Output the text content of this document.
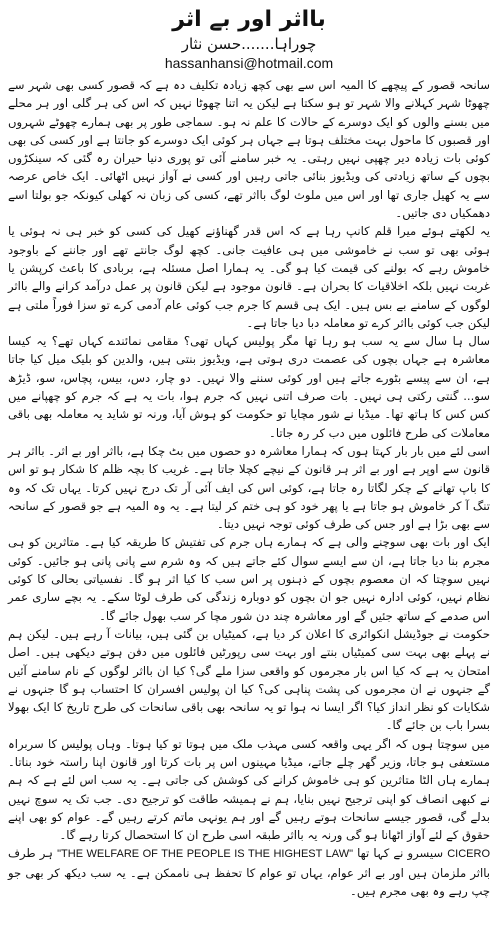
بااثر اور بے اثر

چوراہا.......حسن نثار

hassanhansi@hotmail.com

سانحہ قصور کے پیچھے کا المیہ اس سے بھی کچھ زیادہ تکلیف دہ ہے کہ قصور کسی بھی شہر سے چھوٹا شہر کہلانے والا شہر تو ہو سکتا ہے لیکن یہ اتنا چھوٹا نہیں کہ اس کی ہر گلی اور ہر محلے میں بسنے والوں کو ایک دوسرے کے حالات کا علم نہ ہو۔ سماجی طور پر بھی ہمارے چھوٹے شہروں اور قصبوں کا ماحول بہت مختلف ہوتا ہے جہاں ہر کوئی ایک دوسرے کو جانتا ہے اور کسی کی بھی کوئی بات زیادہ دیر چھپی نہیں رہتی۔ یہ خبر سامنے آئی تو پوری دنیا حیران رہ گئی کہ سینکڑوں بچوں کے ساتھ زیادتی کی ویڈیوز بنائی جاتی رہیں اور کسی نے آواز نہیں اٹھائی۔ ایک خاص عرصہ سے یہ کھیل جاری تھا اور اس میں ملوث لوگ بااثر تھے، کسی کی زبان نہ کھلی کیونکہ جو بولتا اسے دھمکیاں دی جاتیں۔

یہ لکھتے ہوئے میرا قلم کانپ رہا ہے کہ اس قدر گھناؤنے کھیل کی کسی کو خبر ہی نہ ہوئی یا ہوئی بھی تو سب نے خاموشی میں ہی عافیت جانی۔ کچھ لوگ جانتے تھے اور جاننے کے باوجود خاموش رہے کہ بولنے کی قیمت کیا ہو گی۔ یہ ہمارا اصل مسئلہ ہے، بربادی کا باعث کرپشن یا غربت نہیں بلکہ اخلاقیات کا بحران ہے۔ قانون موجود ہے لیکن قانون پر عمل درآمد کرانے والے بااثر لوگوں کے سامنے بے بس ہیں۔ ایک ہی قسم کا جرم جب کوئی عام آدمی کرے تو سزا فوراً ملتی ہے لیکن جب کوئی بااثر کرے تو معاملہ دبا دیا جاتا ہے۔

سال ہا سال سے یہ سب ہو رہا تھا مگر پولیس کہاں تھی؟ مقامی نمائندے کہاں تھے؟ یہ کیسا معاشرہ ہے جہاں بچوں کی عصمت دری ہوتی ہے، ویڈیوز بنتی ہیں، والدین کو بلیک میل کیا جاتا ہے، ان سے پیسے بٹورے جاتے ہیں اور کوئی سننے والا نہیں۔ دو چار، دس، بیس، پچاس، سو، ڈیڑھ سو... گنتی رکتی ہی نہیں۔ بات صرف اتنی نہیں کہ جرم ہوا، بات یہ ہے کہ جرم کو چھپانے میں کس کس کا ہاتھ تھا۔ میڈیا نے شور مچایا تو حکومت کو ہوش آیا، ورنہ تو شاید یہ معاملہ بھی باقی معاملات کی طرح فائلوں میں دب کر رہ جاتا۔

اسی لئے میں بار بار کہتا ہوں کہ ہمارا معاشرہ دو حصوں میں بٹ چکا ہے، بااثر اور بے اثر۔ بااثر ہر قانون سے اوپر ہے اور بے اثر ہر قانون کے نیچے کچلا جاتا ہے۔ غریب کا بچہ ظلم کا شکار ہو تو اس کا باپ تھانے کے چکر لگاتا رہ جاتا ہے، کوئی اس کی ایف آئی آر تک درج نہیں کرتا۔ یہاں تک کہ وہ تنگ آ کر خاموش ہو جاتا ہے یا پھر خود کو ہی ختم کر لیتا ہے۔ یہ وہ المیہ ہے جو قصور کے سانحہ سے بھی بڑا ہے اور جس کی طرف کوئی توجہ نہیں دیتا۔

ایک اور بات بھی سوچنے والی ہے کہ ہمارے ہاں جرم کی تفتیش کا طریقہ کیا ہے۔ متاثرین کو ہی مجرم بنا دیا جاتا ہے، ان سے ایسے سوال کئے جاتے ہیں کہ وہ شرم سے پانی پانی ہو جائیں۔ کوئی نہیں سوچتا کہ ان معصوم بچوں کے ذہنوں پر اس سب کا کیا اثر ہو گا۔ نفسیاتی بحالی کا کوئی نظام نہیں، کوئی ادارہ نہیں جو ان بچوں کو دوبارہ زندگی کی طرف لوٹا سکے۔ یہ بچے ساری عمر اس صدمے کے ساتھ جئیں گے اور معاشرہ چند دن شور مچا کر سب بھول جائے گا۔

حکومت نے جوڈیشل انکوائری کا اعلان کر دیا ہے، کمیٹیاں بن گئی ہیں، بیانات آ رہے ہیں۔ لیکن ہم نے پہلے بھی بہت سی کمیٹیاں بنتے اور بہت سی رپورٹیں فائلوں میں دفن ہوتے دیکھی ہیں۔ اصل امتحان یہ ہے کہ کیا اس بار مجرموں کو واقعی سزا ملے گی؟ کیا ان بااثر لوگوں کے نام سامنے آئیں گے جنہوں نے ان مجرموں کی پشت پناہی کی؟ کیا ان پولیس افسران کا احتساب ہو گا جنہوں نے شکایات کو نظر انداز کیا؟ اگر ایسا نہ ہوا تو یہ سانحہ بھی باقی سانحات کی طرح تاریخ کا ایک بھولا بسرا باب بن جائے گا۔

میں سوچتا ہوں کہ اگر یہی واقعہ کسی مہذب ملک میں ہوتا تو کیا ہوتا۔ وہاں پولیس کا سربراہ مستعفی ہو جاتا، وزیر گھر چلے جاتے، میڈیا مہینوں اس پر بات کرتا اور قانون اپنا راستہ خود بناتا۔ ہمارے ہاں الٹا متاثرین کو ہی خاموش کرانے کی کوشش کی جاتی ہے۔ یہ سب اس لئے ہے کہ ہم نے کبھی انصاف کو اپنی ترجیح نہیں بنایا، ہم نے ہمیشہ طاقت کو ترجیح دی۔ جب تک یہ سوچ نہیں بدلے گی، قصور جیسے سانحات ہوتے رہیں گے اور ہم یونہی ماتم کرتے رہیں گے۔ عوام کو بھی اپنے حقوق کے لئے آواز اٹھانا ہو گی ورنہ یہ بااثر طبقہ اسی طرح ان کا استحصال کرتا رہے گا۔

CICERO سیسرو نے کہا تھا "THE WELFARE OF THE PEOPLE IS THE HIGHEST LAW" ہر طرف بااثر ملزمان ہیں اور بے اثر عوام، یہاں تو عوام کا تحفظ ہی ناممکن ہے۔ یہ سب دیکھ کر بھی جو چپ رہے وہ بھی مجرم ہیں۔
